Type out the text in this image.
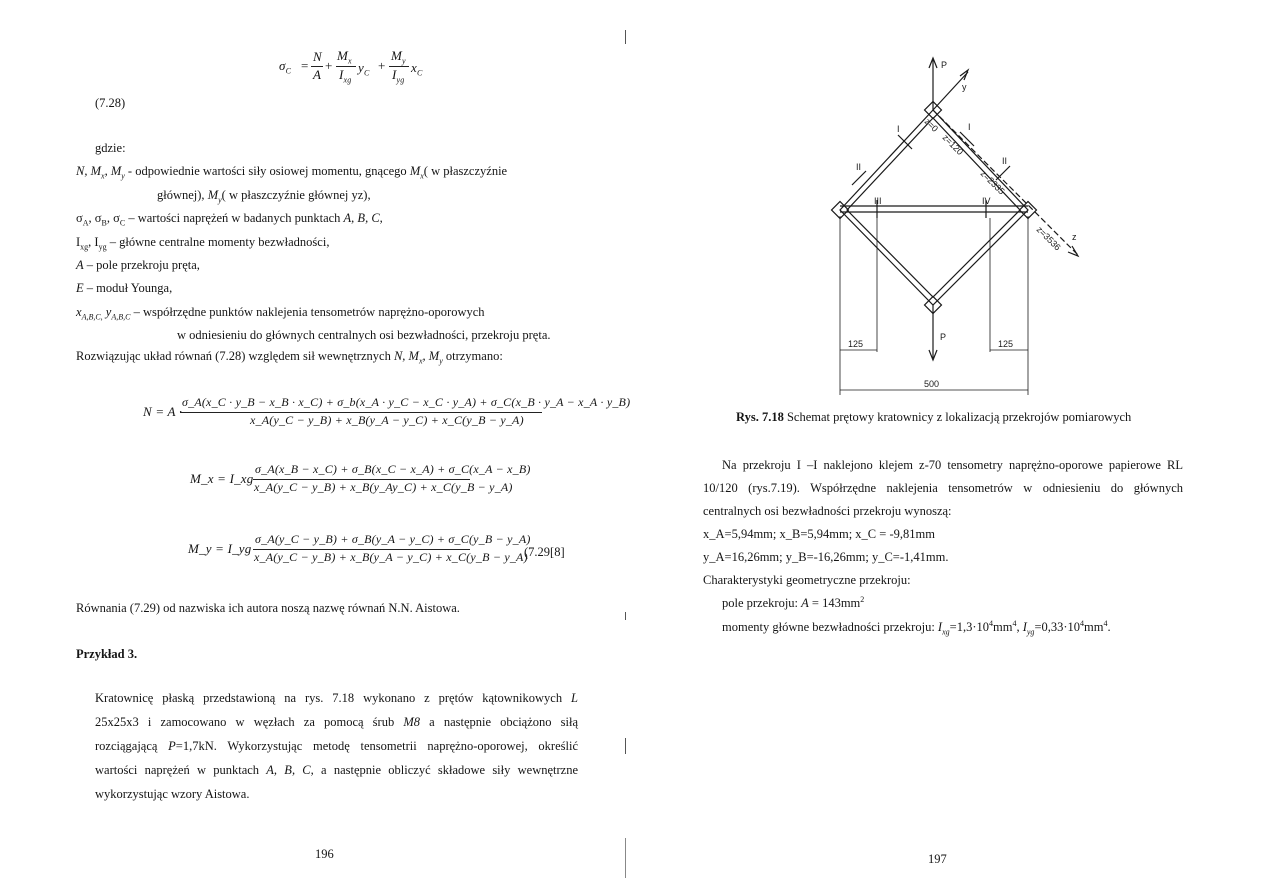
$\sigma_C$ =
N
A
+
$M_x$
$I_{xg}$
$y_C$
+
$M_y$
$I_{yg}$
$x_C$
(7.28)
gdzie:
N, $M_x$, $M_y$ - odpowiednie wartości siły osiowej momentu, gnącego $M_x$( w płaszczyźnie
głównej), $M_y$( w płaszczyźnie głównej yz),
$\sigma_A$, $\sigma_B$, $\sigma_C$ – wartości naprężeń w badanych punktach A, B, C,
$I_{xg}$, $I_{yg}$ – główne centralne momenty bezwładności,
A – pole przekroju pręta,
E – moduł Younga,
$x_{A,B,C,}$ $y_{A,B,C}$ – współrzędne punktów naklejenia tensometrów naprężno-oporowych
w odniesieniu do głównych centralnych osi bezwładności, przekroju pręta.
Rozwiązując układ równań (7.28) względem sił wewnętrznych N, $M_x$, $M_y$ otrzymano:
N = A ·
σ_A(x_C · y_B − x_B · x_C) + σ_b(x_A · y_C − x_C · y_A) + σ_C(x_B · y_A − x_A · y_B)
x_A(y_C − y_B) + x_B(y_A − y_C) + x_C(y_B − y_A)
M_x = I_xg
σ_A(x_B − x_C) + σ_B(x_C − x_A) + σ_C(x_A − x_B)
x_A(y_C − y_B) + x_B(y_Ay_C) + x_C(y_B − y_A)
M_y = I_yg
σ_A(y_C − y_B) + σ_B(y_A − y_C) + σ_C(y_B − y_A)
x_A(y_C − y_B) + x_B(y_A − y_C) + x_C(y_B − y_A)
(7.29[8]
Równania (7.29) od nazwiska ich autora noszą nazwę równań N.N. Aistowa.
Przykład 3.
Kratownicę płaską przedstawioną na rys. 7.18 wykonano z prętów kątownikowych L
25x25x3 i zamocowano w węzłach za pomocą śrub M8 a następnie obciążono siłą
rozciągającą P=1,7kN. Wykorzystując metodę tensometrii naprężno-oporowej, określić
wartości naprężeń w punktach A, B, C, a następnie obliczyć składowe siły wewnętrzne
wykorzystując wzory Aistowa.
196
P
P
y
z
I	I
II
II
III	IV
z=0
z=120
z=2335
z=3536
125	125
500
Rys. 7.18 Schemat prętowy kratownicy z lokalizacją przekrojów pomiarowych
Na przekroju I –I naklejono klejem z-70 tensometry naprężno-oporowe papierowe RL
10/120 (rys.7.19). Współrzędne naklejenia tensometrów w odniesieniu do głównych
centralnych osi bezwładności przekroju wynoszą:
x_A=5,94mm; x_B=5,94mm; x_C = -9,81mm
y_A=16,26mm; y_B=-16,26mm; y_C=-1,41mm.
Charakterystyki geometryczne przekroju:
pole przekroju: $A = 143mm^2$
momenty główne bezwładności przekroju: $I_{xg}=1,3\cdot 10^4mm^4$, $I_{yg}=0,33\cdot 10^4mm^4$.
197
